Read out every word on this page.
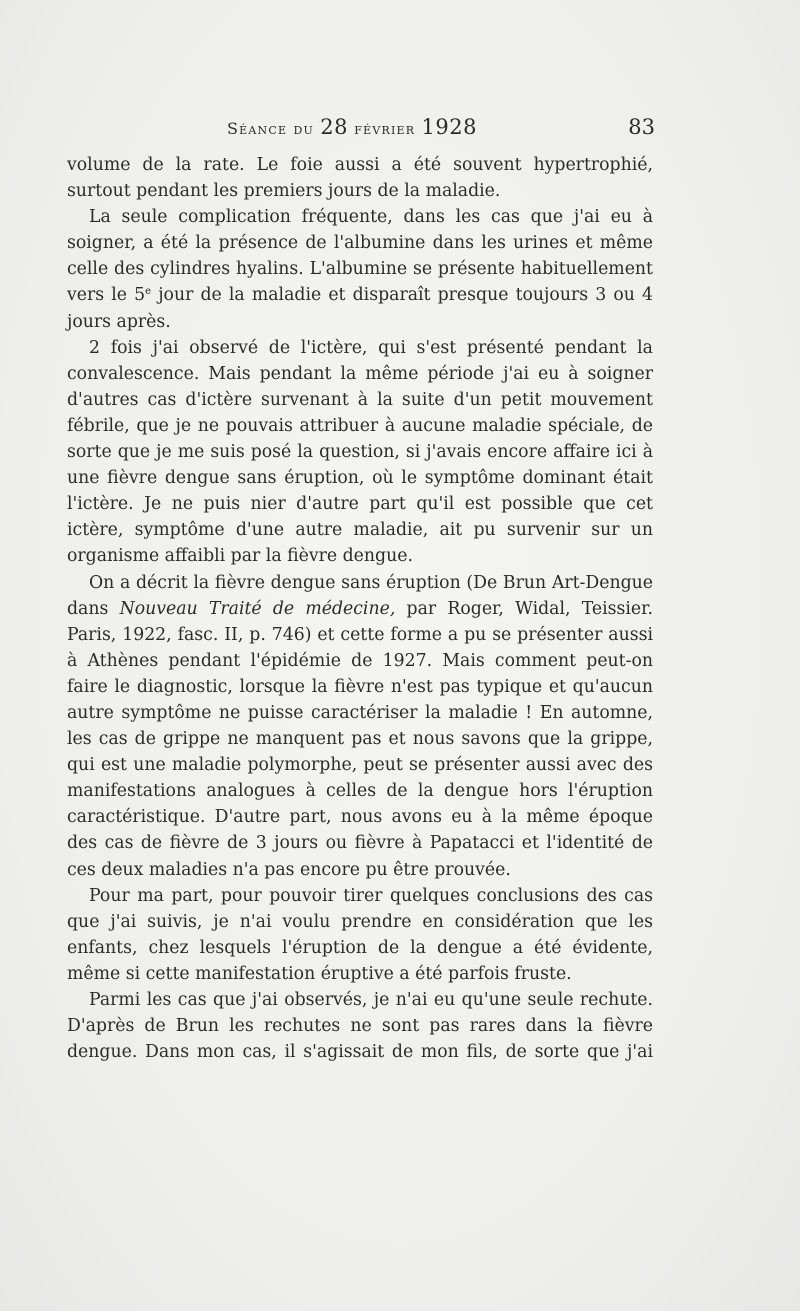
Séance du 28 février 1928	83

volume de la rate. Le foie aussi a été souvent hypertrophié, surtout pendant les premiers jours de la maladie.

La seule complication fréquente, dans les cas que j'ai eu à soigner, a été la présence de l'albumine dans les urines et même celle des cylindres hyalins. L'albumine se présente habituellement vers le 5e jour de la maladie et disparaît presque toujours 3 ou 4 jours après.

2 fois j'ai observé de l'ictère, qui s'est présenté pendant la convalescence. Mais pendant la même période j'ai eu à soigner d'autres cas d'ictère survenant à la suite d'un petit mouvement fébrile, que je ne pouvais attribuer à aucune maladie spéciale, de sorte que je me suis posé la question, si j'avais encore affaire ici à une fièvre dengue sans éruption, où le symptôme dominant était l'ictère. Je ne puis nier d'autre part qu'il est possible que cet ictère, symptôme d'une autre maladie, ait pu survenir sur un organisme affaibli par la fièvre dengue.

On a décrit la fièvre dengue sans éruption (De Brun Art-Dengue dans Nouveau Traité de médecine, par Roger, Widal, Teissier. Paris, 1922, fasc. II, p. 746) et cette forme a pu se présenter aussi à Athènes pendant l'épidémie de 1927. Mais comment peut-on faire le diagnostic, lorsque la fièvre n'est pas typique et qu'aucun autre symptôme ne puisse caractériser la maladie ! En automne, les cas de grippe ne manquent pas et nous savons que la grippe, qui est une maladie polymorphe, peut se présenter aussi avec des manifestations analogues à celles de la dengue hors l'éruption caractéristique. D'autre part, nous avons eu à la même époque des cas de fièvre de 3 jours ou fièvre à Papatacci et l'identité de ces deux maladies n'a pas encore pu être prouvée.

Pour ma part, pour pouvoir tirer quelques conclusions des cas que j'ai suivis, je n'ai voulu prendre en considération que les enfants, chez lesquels l'éruption de la dengue a été évidente, même si cette manifestation éruptive a été parfois fruste.

Parmi les cas que j'ai observés, je n'ai eu qu'une seule rechute. D'après de Brun les rechutes ne sont pas rares dans la fièvre dengue. Dans mon cas, il s'agissait de mon fils, de sorte que j'ai
